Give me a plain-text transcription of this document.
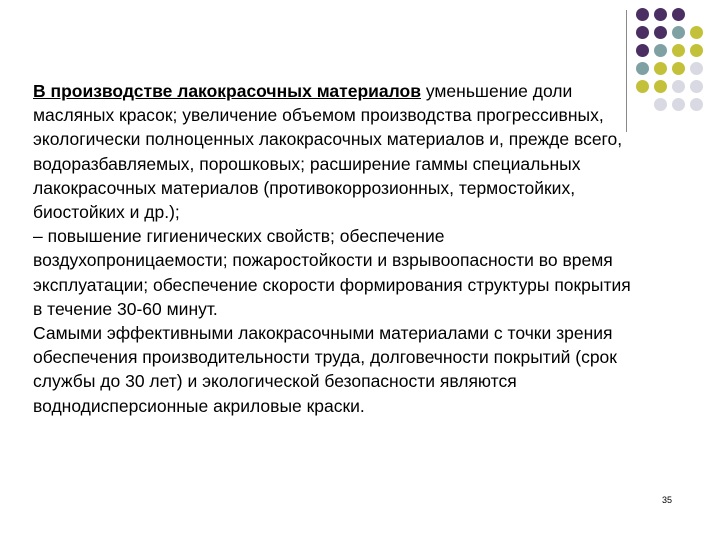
В производстве лакокрасочных материалов уменьшение доли масляных красок; увеличение объемом производства прогрессивных, экологически полноценных лакокрасочных материалов и, прежде всего, водоразбавляемых, порошковых; расширение гаммы специальных лакокрасочных материалов (противокоррозионных, термостойких, биостойких и др.);
– повышение гигиенических свойств; обеспечение воздухопроницаемости; пожаростойкости и взрывоопасности во время эксплуатации; обеспечение скорости формирования структуры покрытия в течение 30-60 минут.
Самыми эффективными лакокрасочными материалами с точки зрения обеспечения производительности труда, долговечности покрытий (срок службы до 30 лет) и экологической безопасности являются воднодисперсионные акриловые краски.
35
